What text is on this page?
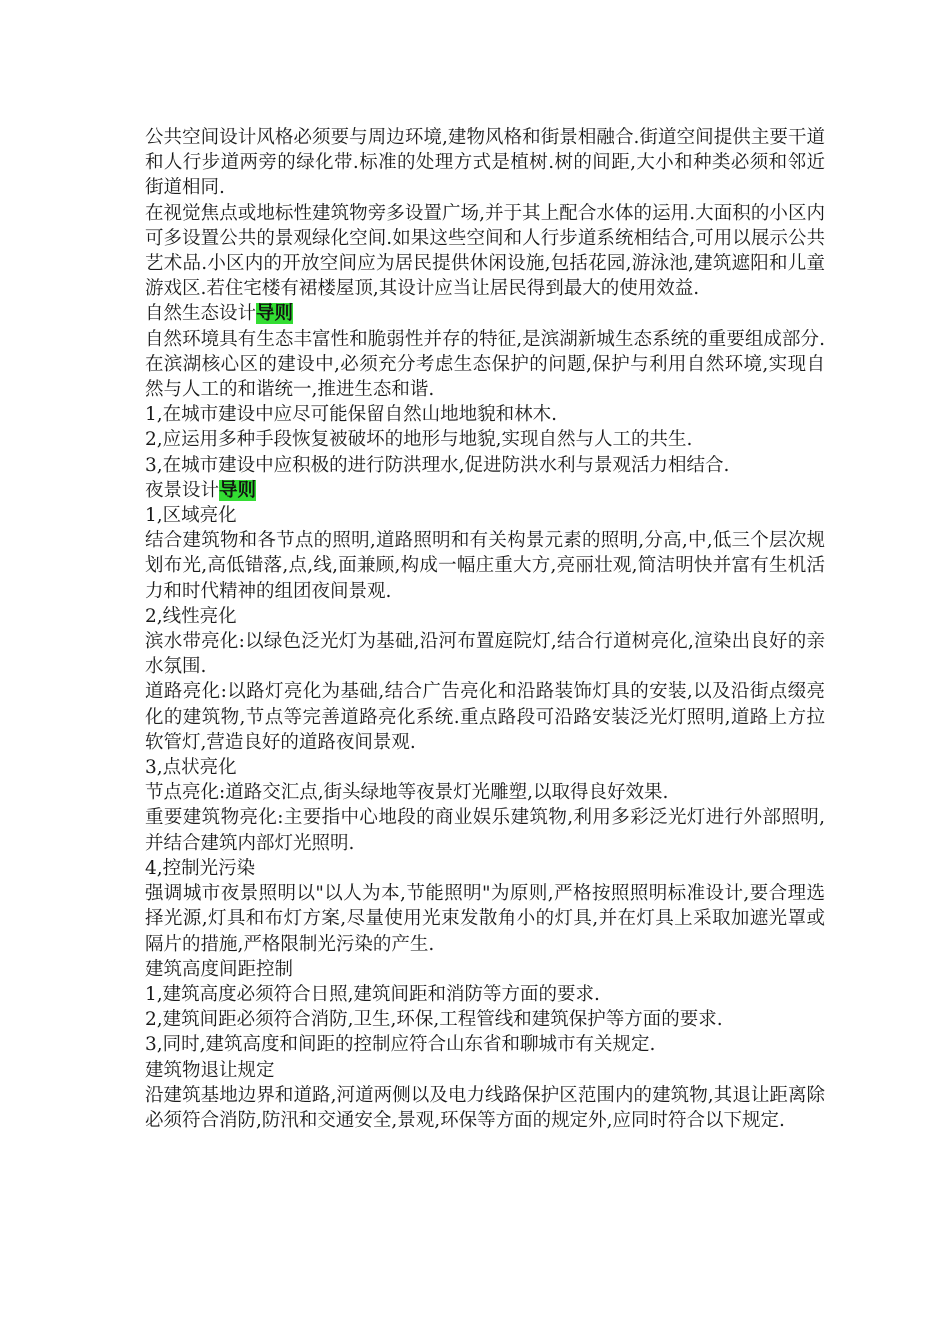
公共空间设计风格必须要与周边环境,建物风格和街景相融合.街道空间提供主要干道和人行步道两旁的绿化带.标准的处理方式是植树.树的间距,大小和种类必须和邻近街道相同.

在视觉焦点或地标性建筑物旁多设置广场,并于其上配合水体的运用.大面积的小区内可多设置公共的景观绿化空间.如果这些空间和人行步道系统相结合,可用以展示公共艺术品.小区内的开放空间应为居民提供休闲设施,包括花园,游泳池,建筑遮阳和儿童游戏区.若住宅楼有裙楼屋顶,其设计应当让居民得到最大的使用效益.

自然生态设计导则

自然环境具有生态丰富性和脆弱性并存的特征,是滨湖新城生态系统的重要组成部分.在滨湖核心区的建设中,必须充分考虑生态保护的问题,保护与利用自然环境,实现自然与人工的和谐统一,推进生态和谐.

1,在城市建设中应尽可能保留自然山地地貌和林木.

2,应运用多种手段恢复被破坏的地形与地貌,实现自然与人工的共生.

3,在城市建设中应积极的进行防洪理水,促进防洪水利与景观活力相结合.

夜景设计导则

1,区域亮化

结合建筑物和各节点的照明,道路照明和有关构景元素的照明,分高,中,低三个层次规划布光,高低错落,点,线,面兼顾,构成一幅庄重大方,亮丽壮观,简洁明快并富有生机活力和时代精神的组团夜间景观.

2,线性亮化

滨水带亮化:以绿色泛光灯为基础,沿河布置庭院灯,结合行道树亮化,渲染出良好的亲水氛围.

道路亮化:以路灯亮化为基础,结合广告亮化和沿路装饰灯具的安装,以及沿街点缀亮化的建筑物,节点等完善道路亮化系统.重点路段可沿路安装泛光灯照明,道路上方拉软管灯,营造良好的道路夜间景观.

3,点状亮化

节点亮化:道路交汇点,街头绿地等夜景灯光雕塑,以取得良好效果.

重要建筑物亮化:主要指中心地段的商业娱乐建筑物,利用多彩泛光灯进行外部照明,并结合建筑内部灯光照明.

4,控制光污染

强调城市夜景照明以"以人为本,节能照明"为原则,严格按照照明标准设计,要合理选择光源,灯具和布灯方案,尽量使用光束发散角小的灯具,并在灯具上采取加遮光罩或隔片的措施,严格限制光污染的产生.

建筑高度间距控制

1,建筑高度必须符合日照,建筑间距和消防等方面的要求.

2,建筑间距必须符合消防,卫生,环保,工程管线和建筑保护等方面的要求.

3,同时,建筑高度和间距的控制应符合山东省和聊城市有关规定.

建筑物退让规定

沿建筑基地边界和道路,河道两侧以及电力线路保护区范围内的建筑物,其退让距离除必须符合消防,防汛和交通安全,景观,环保等方面的规定外,应同时符合以下规定.
